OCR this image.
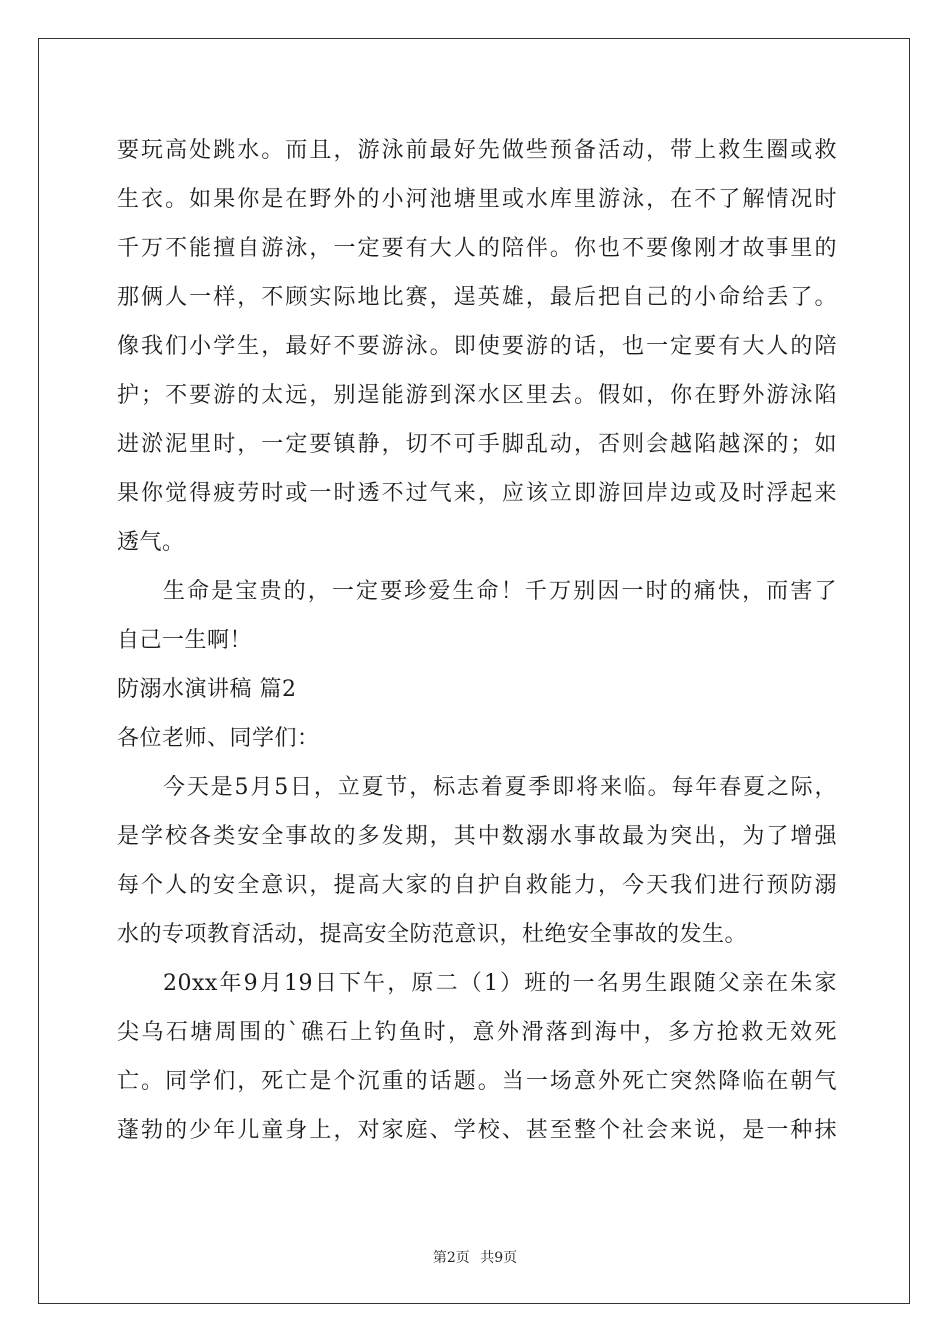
要玩高处跳水。而且，游泳前最好先做些预备活动，带上救生圈或救
生衣。如果你是在野外的小河池塘里或水库里游泳，在不了解情况时
千万不能擅自游泳，一定要有大人的陪伴。你也不要像刚才故事里的
那俩人一样，不顾实际地比赛，逞英雄，最后把自己的小命给丢了。
像我们小学生，最好不要游泳。即使要游的话，也一定要有大人的陪
护；不要游的太远，别逞能游到深水区里去。假如，你在野外游泳陷
进淤泥里时，一定要镇静，切不可手脚乱动，否则会越陷越深的；如
果你觉得疲劳时或一时透不过气来，应该立即游回岸边或及时浮起来
透气。
生命是宝贵的，一定要珍爱生命！千万别因一时的痛快，而害了
自己一生啊！
防溺水演讲稿 篇2
各位老师、同学们：
今天是5月5日，立夏节，标志着夏季即将来临。每年春夏之际，
是学校各类安全事故的多发期，其中数溺水事故最为突出，为了增强
每个人的安全意识，提高大家的自护自救能力，今天我们进行预防溺
水的专项教育活动，提高安全防范意识，杜绝安全事故的发生。
20xx年9月19日下午，原二（1）班的一名男生跟随父亲在朱家
尖乌石塘周围的`礁石上钓鱼时，意外滑落到海中，多方抢救无效死
亡。同学们，死亡是个沉重的话题。当一场意外死亡突然降临在朝气
蓬勃的少年儿童身上，对家庭、学校、甚至整个社会来说，是一种抹
第2页 共9页
